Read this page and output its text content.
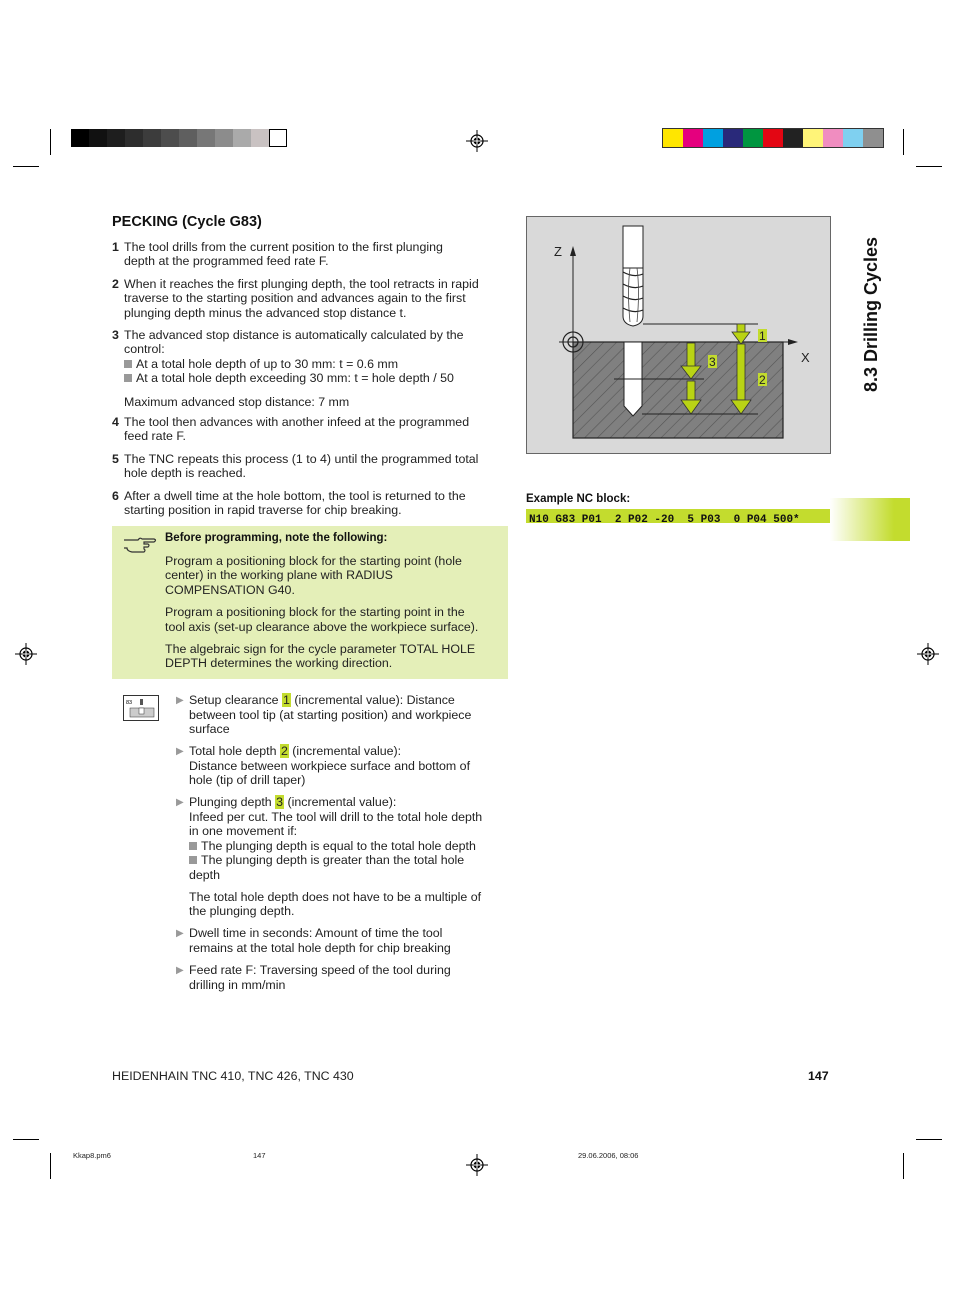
8.3 Drilling Cycles
PECKING (Cycle G83)
1 The tool drills from the current position to the first plunging
depth at the programmed feed rate F.
2 When it reaches the first plunging depth, the tool retracts in rapid
traverse to the starting position and advances again to the first
plunging depth minus the advanced stop distance t.
3 The advanced stop distance is automatically calculated by the
control:
At a total hole depth of up to 30 mm: t = 0.6 mm
At a total hole depth exceeding 30 mm: t = hole depth / 50
Maximum advanced stop distance: 7 mm
4 The tool then advances with another infeed at the programmed
feed rate F.
5 The TNC repeats this process (1 to 4) until the programmed total
hole depth is reached.
6 After a dwell time at the hole bottom, the tool is returned to the
starting position in rapid traverse for chip breaking.
Before programming, note the following:
Program a positioning block for the starting point (hole
center) in the working plane with RADIUS
COMPENSATION G40.
Program a positioning block for the starting point in the
tool axis (set-up clearance above the workpiece surface).
The algebraic sign for the cycle parameter TOTAL HOLE
DEPTH determines the working direction.
83	▶ Setup clearance 1 (incremental value): Distance
between tool tip (at starting position) and workpiece
surface
▶ Total hole depth 2 (incremental value):
Distance between workpiece surface and bottom of
hole (tip of drill taper)
▶ Plunging depth 3 (incremental value):
Infeed per cut. The tool will drill to the total hole depth
in one movement if:
The plunging depth is equal to the total hole depth
The plunging depth is greater than the total hole
depth
The total hole depth does not have to be a multiple of
the plunging depth.
▶ Dwell time in seconds: Amount of time the tool
remains at the total hole depth for chip breaking
▶ Feed rate F: Traversing speed of the tool during
drilling in mm/min
Z
X
1
2
3
Example NC block:
N10 G83 P01  2 P02 -20  5 P03  0 P04 500*
HEIDENHAIN TNC 410, TNC 426, TNC 430	147
Kkap8.pm6	147	29.06.2006, 08:06
